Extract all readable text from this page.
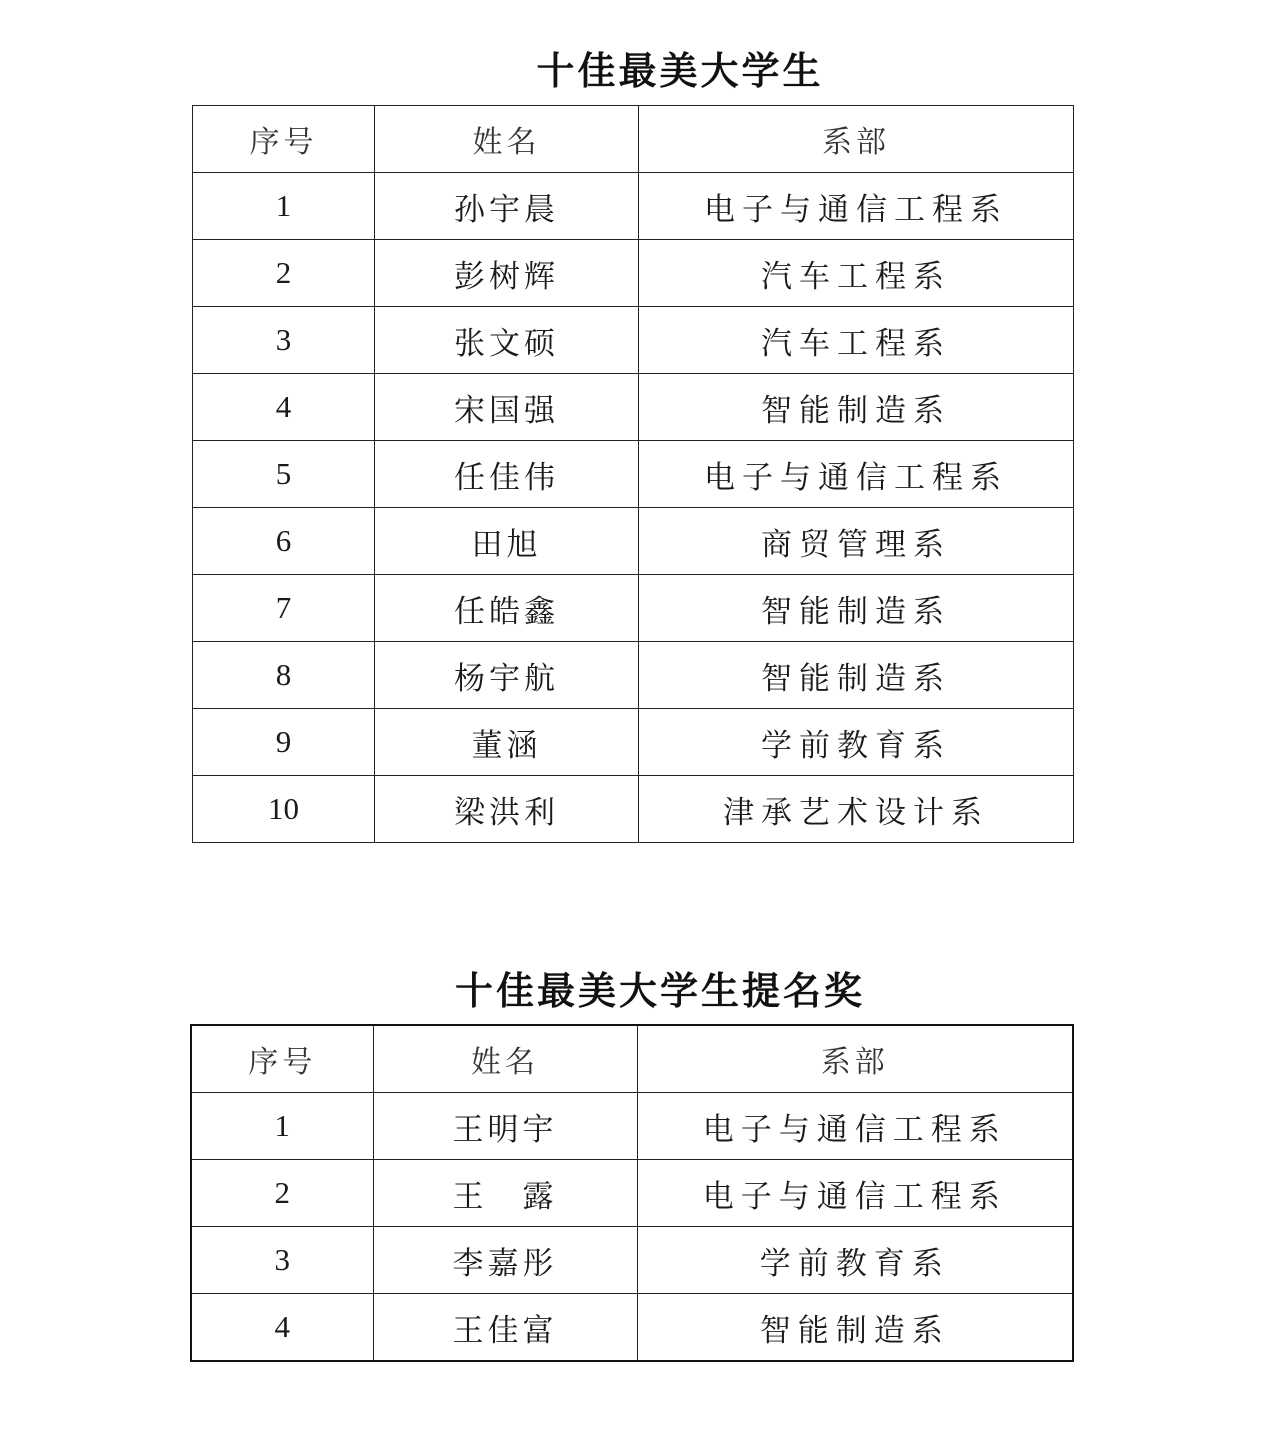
十佳最美大学生
序号	姓名	系部
1	孙宇晨	电子与通信工程系
2	彭树辉	汽车工程系
3	张文硕	汽车工程系
4	宋国强	智能制造系
5	任佳伟	电子与通信工程系
6	田旭	商贸管理系
7	任皓鑫	智能制造系
8	杨宇航	智能制造系
9	董涵	学前教育系
10	梁洪利	津承艺术设计系
十佳最美大学生提名奖
序号	姓名	系部
1	王明宇	电子与通信工程系
2	王　露	电子与通信工程系
3	李嘉彤	学前教育系
4	王佳富	智能制造系
